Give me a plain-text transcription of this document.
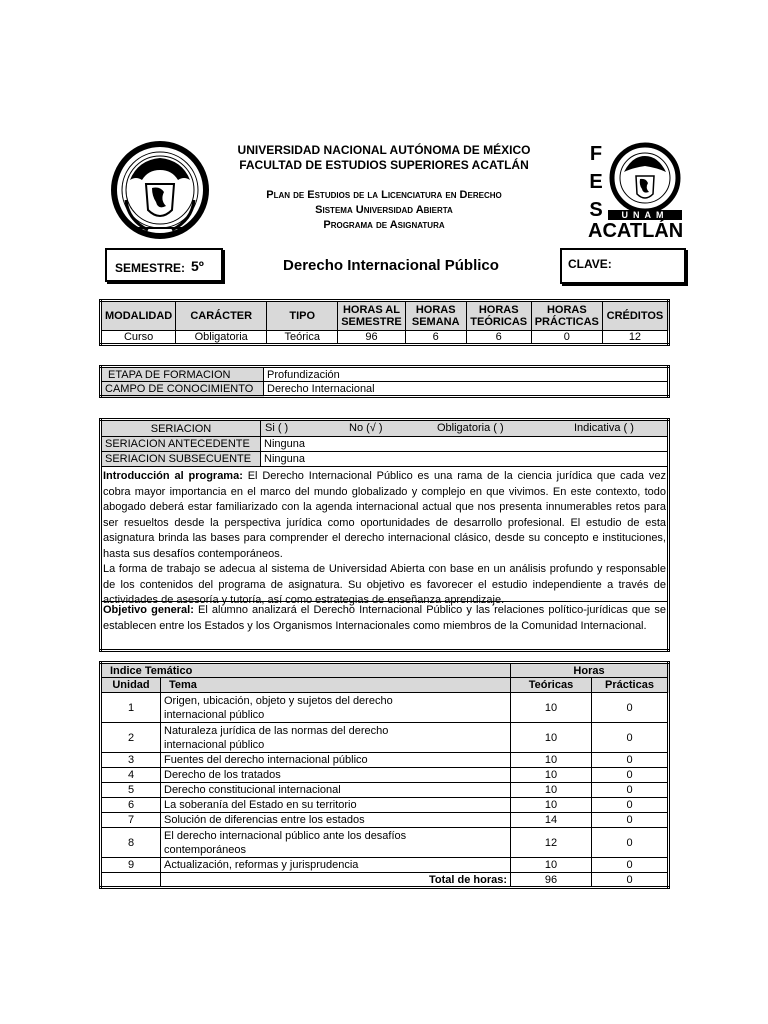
UNIVERSIDAD NACIONAL AUTÓNOMA DE MÉXICO
FACULTAD DE ESTUDIOS SUPERIORES ACATLÁN
Plan de Estudios de la Licenciatura en Derecho
Sistema Universidad Abierta
Programa de Asignatura
F E S	UNAM
ACATLÁN
SEMESTRE: 5º	Derecho Internacional Público	CLAVE:
MODALIDAD	CARÁCTER	TIPO	HORAS AL SEMESTRE	HORAS SEMANA	HORAS TEÓRICAS	HORAS PRÁCTICAS	CRÉDITOS
Curso	Obligatoria	Teórica	96	6	6	0	12
ETAPA DE FORMACION	Profundización
CAMPO DE CONOCIMIENTO	Derecho Internacional
SERIACION	Si ( ) No (√ ) Obligatoria ( ) Indicativa ( )

SERIACION ANTECEDENTE	Ninguna
SERIACION SUBSECUENTE	Ninguna

Introducción al programa: El Derecho Internacional Público es una rama de la ciencia jurídica que cada vez cobra mayor importancia en el marco del mundo globalizado y complejo en que vivimos. En este contexto, todo abogado deberá estar familiarizado con la agenda internacional actual que nos presenta innumerables retos para ser resueltos desde la perspectiva jurídica como oportunidades de desarrollo profesional. El estudio de esta asignatura brinda las bases para comprender el derecho internacional clásico, desde su concepto e instituciones, hasta sus desafíos contemporáneos.
La forma de trabajo se adecua al sistema de Universidad Abierta con base en un análisis profundo y responsable de los contenidos del programa de asignatura. Su objetivo es favorecer el estudio independiente a través de actividades de asesoría y tutoría, así como estrategias de enseñanza aprendizaje.
Objetivo general: El alumno analizará el Derecho Internacional Público y las relaciones político-jurídicas que se establecen entre los Estados y los Organismos Internacionales como miembros de la Comunidad Internacional.
Indice Temático		Horas	
Unidad	Tema	Teóricas	Prácticas
1	Origen, ubicación, objeto y sujetos del derecho internacional público	10	0
2	Naturaleza jurídica de las normas del derecho internacional público	10	0
3	Fuentes del derecho internacional público	10	0
4	Derecho de los tratados	10	0
5	Derecho constitucional internacional	10	0
6	La soberanía del Estado en su territorio	10	0
7	Solución de diferencias entre los estados	14	0
8	El derecho internacional público ante los desafíos contemporáneos	12	0
9	Actualización, reformas y jurisprudencia	10	0
	Total de horas:	96	0
